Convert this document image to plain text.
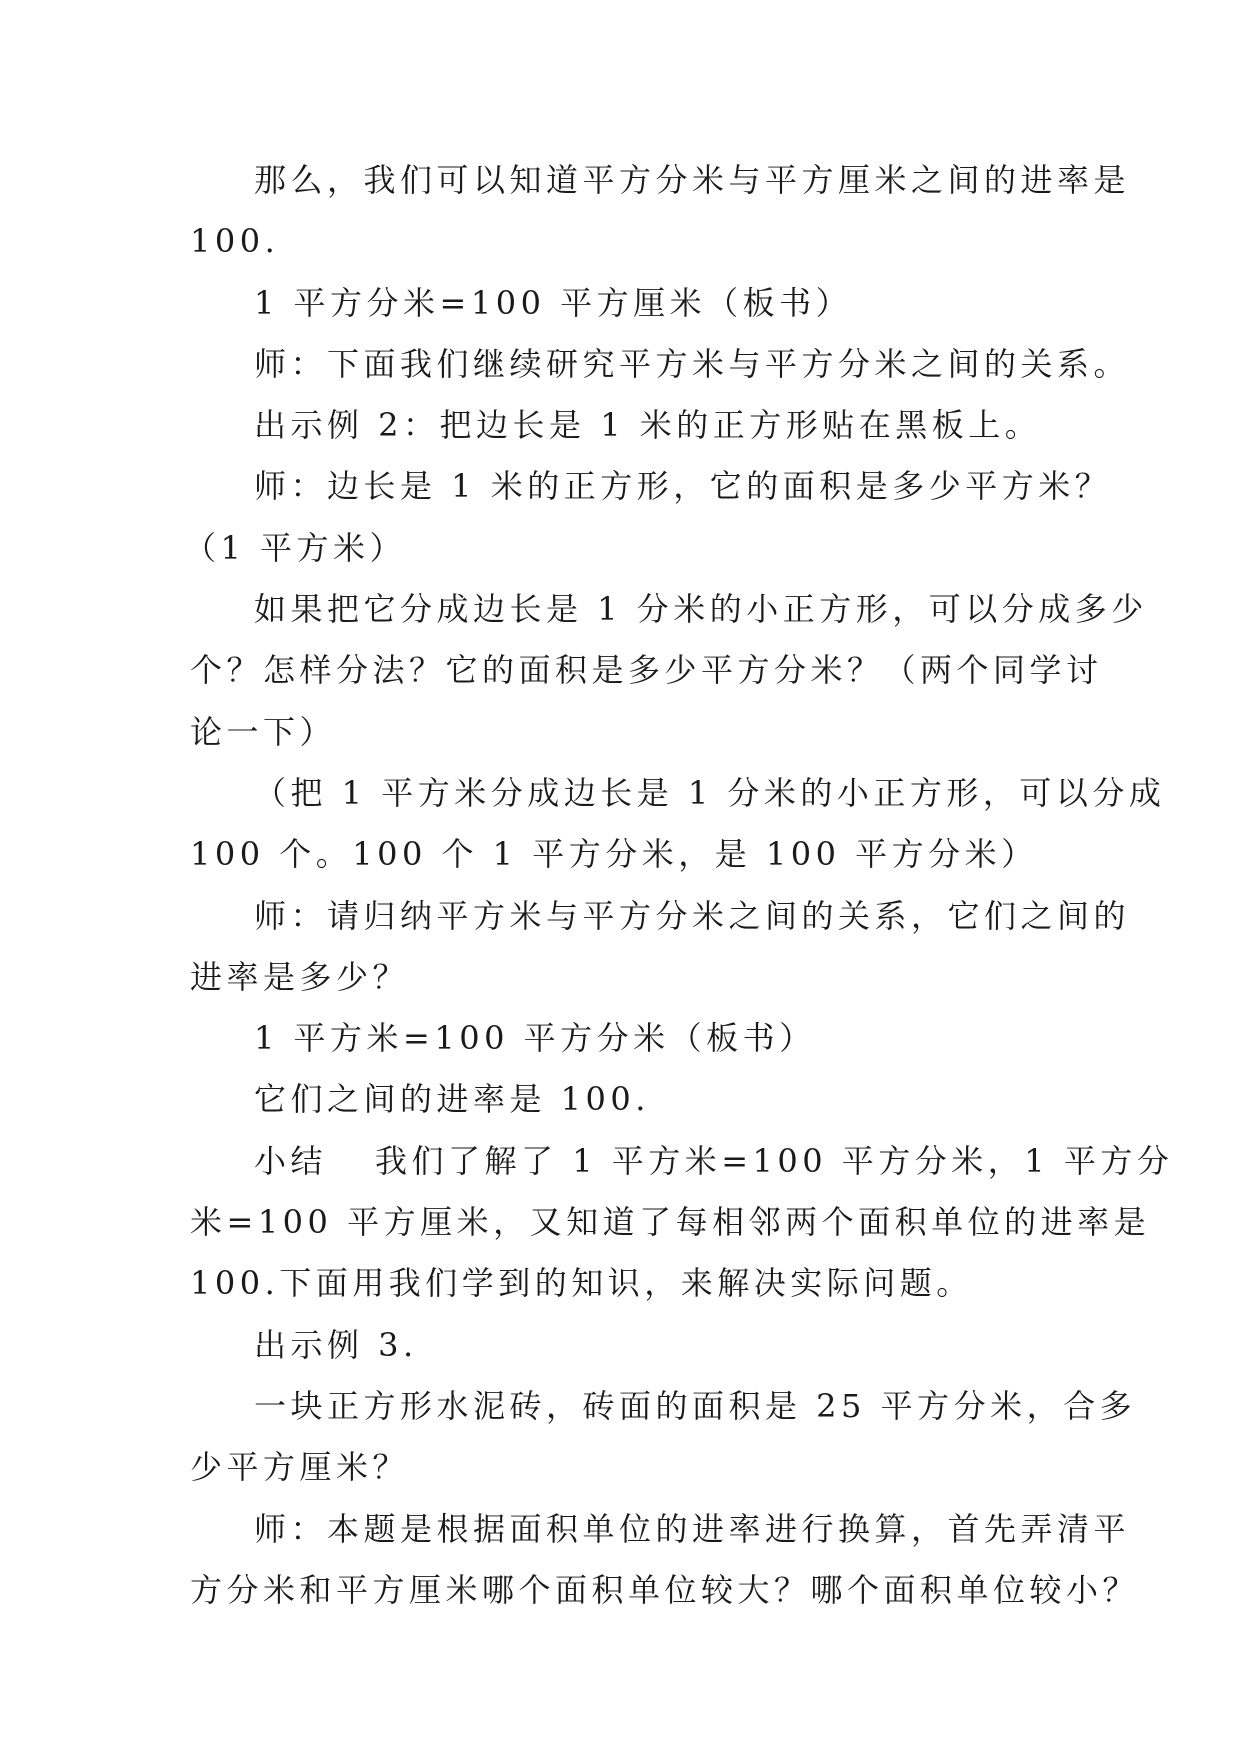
那么，我们可以知道平方分米与平方厘米之间的进率是
100.
1 平方分米=100 平方厘米（板书）
师：下面我们继续研究平方米与平方分米之间的关系。
出示例 2：把边长是 1 米的正方形贴在黑板上。
师：边长是 1 米的正方形，它的面积是多少平方米？
（1 平方米）
如果把它分成边长是 1 分米的小正方形，可以分成多少
个？怎样分法？它的面积是多少平方分米？（两个同学讨
论一下）
（把 1 平方米分成边长是 1 分米的小正方形，可以分成
100 个。100 个 1 平方分米，是 100 平方分米）
师：请归纳平方米与平方分米之间的关系，它们之间的
进率是多少？
1 平方米=100 平方分米（板书）
它们之间的进率是 100.
小结 我们了解了 1 平方米=100 平方分米，1 平方分
米=100 平方厘米，又知道了每相邻两个面积单位的进率是
100.下面用我们学到的知识，来解决实际问题。
出示例 3.
一块正方形水泥砖，砖面的面积是 25 平方分米，合多
少平方厘米？
师：本题是根据面积单位的进率进行换算，首先弄清平
方分米和平方厘米哪个面积单位较大？哪个面积单位较小？
